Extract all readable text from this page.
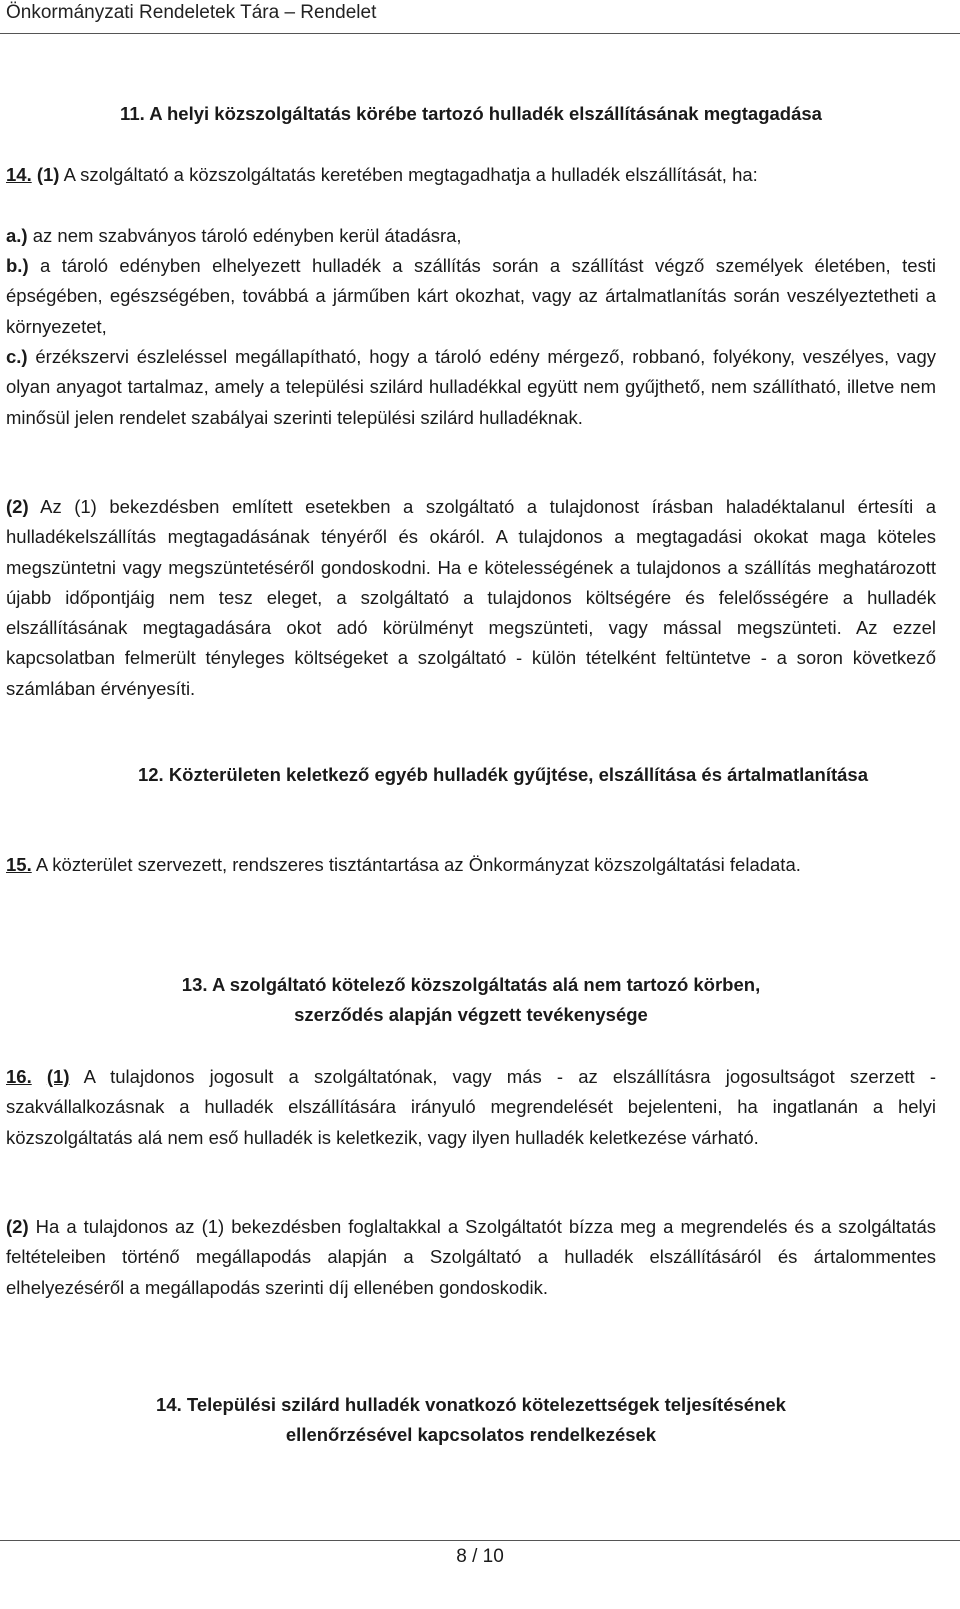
Önkormányzati Rendeletek Tára – Rendelet
11. A helyi közszolgáltatás körébe tartozó hulladék elszállításának megtagadása
14. (1) A szolgáltató a közszolgáltatás keretében megtagadhatja a hulladék elszállítását, ha:
a.) az nem szabványos tároló edényben kerül átadásra,
b.) a tároló edényben elhelyezett hulladék a szállítás során a szállítást végző személyek életében, testi épségében, egészségében, továbbá a járműben kárt okozhat, vagy az ártalmatlanítás során veszélyeztetheti a környezetet,
c.) érzékszervi észleléssel megállapítható, hogy a tároló edény mérgező, robbanó, folyékony, veszélyes, vagy olyan anyagot tartalmaz, amely a települési szilárd hulladékkal együtt nem gyűjthető, nem szállítható, illetve nem minősül jelen rendelet szabályai szerinti települési szilárd hulladéknak.
(2) Az (1) bekezdésben említett esetekben a szolgáltató a tulajdonost írásban haladéktalanul értesíti a hulladékelszállítás megtagadásának tényéről és okáról. A tulajdonos a megtagadási okokat maga köteles megszüntetni vagy megszüntetéséről gondoskodni. Ha e kötelességének a tulajdonos a szállítás meghatározott újabb időpontjáig nem tesz eleget, a szolgáltató a tulajdonos költségére és felelősségére a hulladék elszállításának megtagadására okot adó körülményt megszünteti, vagy mással megszünteti. Az ezzel kapcsolatban felmerült tényleges költségeket a szolgáltató - külön tételként feltüntetve - a soron következő számlában érvényesíti.
12. Közterületen keletkező egyéb hulladék gyűjtése, elszállítása és ártalmatlanítása
15. A közterület szervezett, rendszeres tisztántartása az Önkormányzat közszolgáltatási feladata.
13. A szolgáltató kötelező közszolgáltatás alá nem tartozó körben,
szerződés alapján végzett tevékenysége
16. (1) A tulajdonos jogosult a szolgáltatónak, vagy más - az elszállításra jogosultságot szerzett - szakvállalkozásnak a hulladék elszállítására irányuló megrendelését bejelenteni, ha ingatlanán a helyi közszolgáltatás alá nem eső hulladék is keletkezik, vagy ilyen hulladék keletkezése várható.
(2) Ha a tulajdonos az (1) bekezdésben foglaltakkal a Szolgáltatót bízza meg a megrendelés és a szolgáltatás feltételeiben történő megállapodás alapján a Szolgáltató a hulladék elszállításáról és ártalommentes elhelyezéséről a megállapodás szerinti díj ellenében gondoskodik.
14. Települési szilárd hulladék vonatkozó kötelezettségek teljesítésének
ellenőrzésével kapcsolatos rendelkezések
8 / 10
